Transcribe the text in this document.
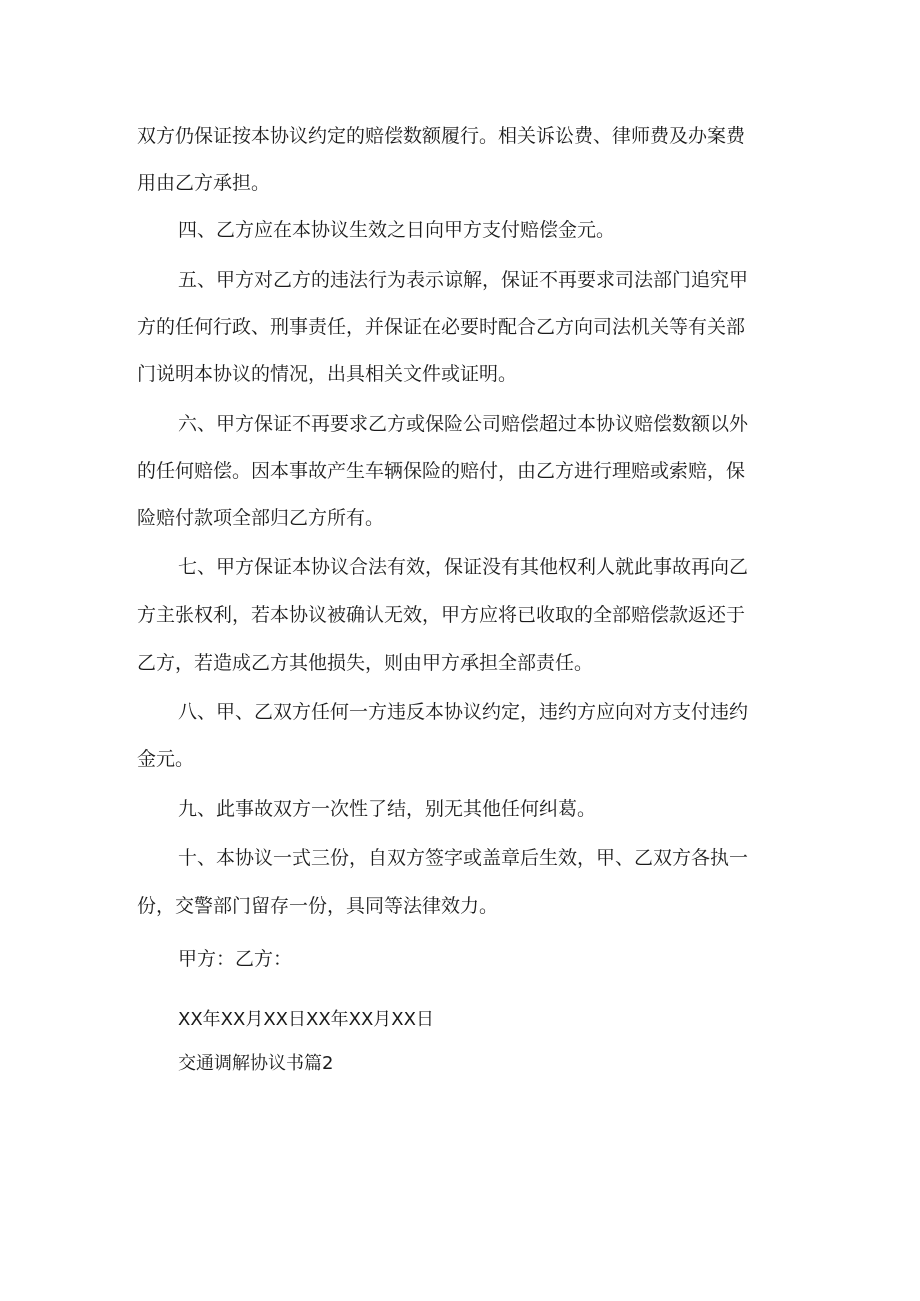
双方仍保证按本协议约定的赔偿数额履行。相关诉讼费、律师费及办案费
用由乙方承担。
四、乙方应在本协议生效之日向甲方支付赔偿金元。
五、甲方对乙方的违法行为表示谅解，保证不再要求司法部门追究甲
方的任何行政、刑事责任，并保证在必要时配合乙方向司法机关等有关部
门说明本协议的情况，出具相关文件或证明。
六、甲方保证不再要求乙方或保险公司赔偿超过本协议赔偿数额以外
的任何赔偿。因本事故产生车辆保险的赔付，由乙方进行理赔或索赔，保
险赔付款项全部归乙方所有。
七、甲方保证本协议合法有效，保证没有其他权利人就此事故再向乙
方主张权利，若本协议被确认无效，甲方应将已收取的全部赔偿款返还于
乙方，若造成乙方其他损失，则由甲方承担全部责任。
八、甲、乙双方任何一方违反本协议约定，违约方应向对方支付违约
金元。
九、此事故双方一次性了结，别无其他任何纠葛。
十、本协议一式三份，自双方签字或盖章后生效，甲、乙双方各执一
份，交警部门留存一份，具同等法律效力。
甲方：乙方：
XX年XX月XX日XX年XX月XX日
交通调解协议书篇2
